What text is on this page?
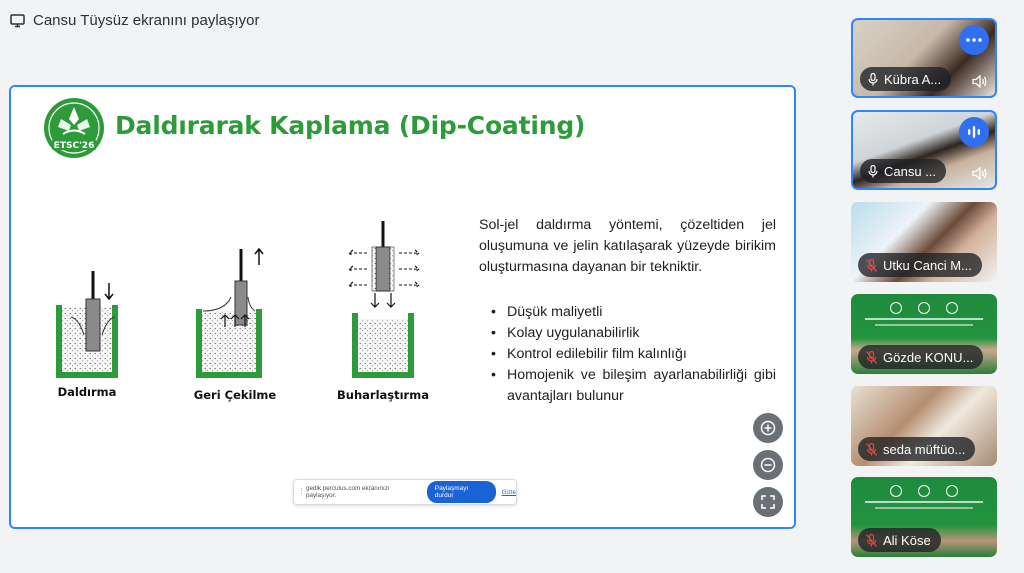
Cansu Tüysüz ekranını paylaşıyor
ETSC'26
Daldırarak Kaplama (Dip-Coating)
Daldırma	Geri Çekilme	Buharlaştırma
Sol-jel daldırma yöntemi, çözeltiden jel oluşumuna ve jelin katılaşarak yüzeyde birikim oluşturmasına dayanan bir tekniktir.
• Düşük maliyetli
• Kolay uygulanabilirlik
• Kontrol edilebilir film kalınlığı
• Homojenik ve bileşim ayarlanabilirliği gibi avantajları bulunur
⋮ gedik.perculus.com ekranınızı paylaşıyor.
Paylaşmayı durdur	Gizle
Kübra A...
Cansu ...
Utku Canci M...
Gözde KONU...
seda müftüo...
Ali Köse
